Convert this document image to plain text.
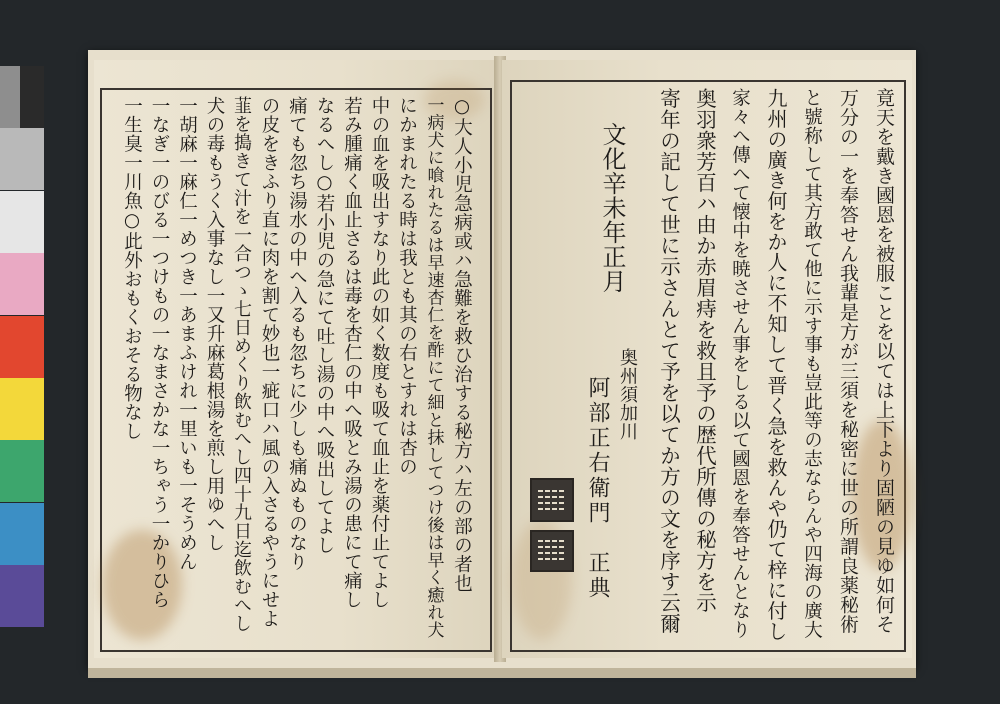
○大人小児急病或ハ急難を救ひ治する秘方ハ左の部の者也
一病犬に喰れたるは早速杏仁を酢にて細と抹してつけ後は早く癒れ犬
にかまれたる時は我とも其の右とすれは杏の
中の血を吸出すなり此の如く数度も吸て血止を薬付止てよし
若み腫痛く血止さるは毒を杏仁の中へ吸とみ湯の患にて痛し
なるへし○若小児の急にて吐し湯の中へ吸出してよし
痛ても忽ち湯水の中へ入るも忽ちに少しも痛ぬものなり
の皮をきふり直に肉を割て妙也一疵口ハ風の入さるやうにせよ
韮を搗きて汁を一合つゝ七日めくり飲むへし四十九日迄飲むへし
犬の毒もうく入事なし一又升麻葛根湯を煎し用ゆへし
一胡麻一麻仁一めつき一あまふけれ一里いも一そうめん
一なぎ一のびる一つけもの一なまさかな一ちゃう一かりひら
一生臭一川魚○此外おもくおそる物なし	竟天を戴き國恩を被服ことを以ては上下より固陋の見ゆ如何そ
万分の一を奉答せん我輩是方が三須を秘密に世の所謂良薬秘術
と號称して其方敢て他に示す事も豈此等の志ならんや四海の廣大
九州の廣き何をか人に不知して晋く急を救んや仍て梓に付し
家々へ傳へて懐中を暁させん事をしる以て國恩を奉答せんとなり
奥羽衆芳百ハ由か赤眉痔を救且予の歴代所傳の秘方を示
寄年の記して世に示さんとて予を以てか方の文を序す云爾
文化辛未年正月
奥州須加川
阿部正右衛門　正典
